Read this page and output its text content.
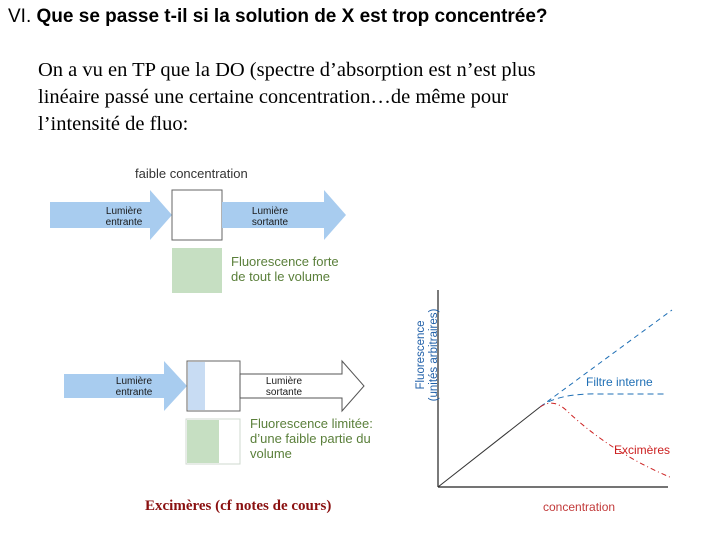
VI. Que se passe t-il si la solution de X est trop concentrée?
On a vu en TP que la DO (spectre d’absorption est n’est plus
linéaire passé une certaine concentration…de même pour
l’intensité de fluo:
faible concentration
Lumière
entrante
Lumière
sortante
Fluorescence forte
de tout le volume
Lumière
entrante
Lumière
sortante
Fluorescence limitée:
d’une faible partie du
volume
Excimères (cf notes de cours)
Fluorescence (unités arbitraires)	Filtre interne
Excimères
concentration
